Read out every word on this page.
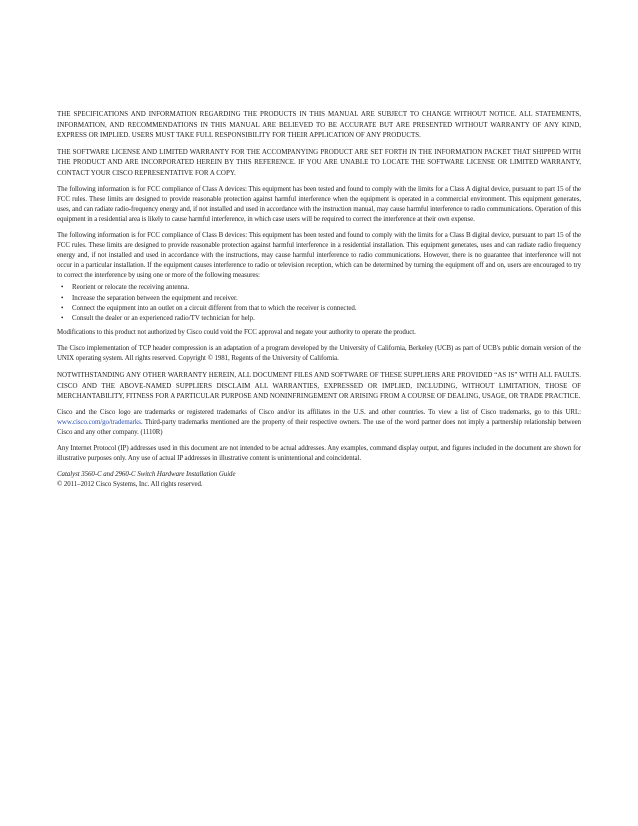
THE SPECIFICATIONS AND INFORMATION REGARDING THE PRODUCTS IN THIS MANUAL ARE SUBJECT TO CHANGE WITHOUT NOTICE. ALL STATEMENTS, INFORMATION, AND RECOMMENDATIONS IN THIS MANUAL ARE BELIEVED TO BE ACCURATE BUT ARE PRESENTED WITHOUT WARRANTY OF ANY KIND, EXPRESS OR IMPLIED. USERS MUST TAKE FULL RESPONSIBILITY FOR THEIR APPLICATION OF ANY PRODUCTS.

THE SOFTWARE LICENSE AND LIMITED WARRANTY FOR THE ACCOMPANYING PRODUCT ARE SET FORTH IN THE INFORMATION PACKET THAT SHIPPED WITH THE PRODUCT AND ARE INCORPORATED HEREIN BY THIS REFERENCE. IF YOU ARE UNABLE TO LOCATE THE SOFTWARE LICENSE OR LIMITED WARRANTY, CONTACT YOUR CISCO REPRESENTATIVE FOR A COPY.

The following information is for FCC compliance of Class A devices: This equipment has been tested and found to comply with the limits for a Class A digital device, pursuant to part 15 of the FCC rules. These limits are designed to provide reasonable protection against harmful interference when the equipment is operated in a commercial environment. This equipment generates, uses, and can radiate radio-frequency energy and, if not installed and used in accordance with the instruction manual, may cause harmful interference to radio communications. Operation of this equipment in a residential area is likely to cause harmful interference, in which case users will be required to correct the interference at their own expense.

The following information is for FCC compliance of Class B devices: This equipment has been tested and found to comply with the limits for a Class B digital device, pursuant to part 15 of the FCC rules. These limits are designed to provide reasonable protection against harmful interference in a residential installation. This equipment generates, uses and can radiate radio frequency energy and, if not installed and used in accordance with the instructions, may cause harmful interference to radio communications. However, there is no guarantee that interference will not occur in a particular installation. If the equipment causes interference to radio or television reception, which can be determined by turning the equipment off and on, users are encouraged to try to correct the interference by using one or more of the following measures:

• Reorient or relocate the receiving antenna.
• Increase the separation between the equipment and receiver.
• Connect the equipment into an outlet on a circuit different from that to which the receiver is connected.
• Consult the dealer or an experienced radio/TV technician for help.

Modifications to this product not authorized by Cisco could void the FCC approval and negate your authority to operate the product.

The Cisco implementation of TCP header compression is an adaptation of a program developed by the University of California, Berkeley (UCB) as part of UCB's public domain version of the UNIX operating system. All rights reserved. Copyright © 1981, Regents of the University of California.

NOTWITHSTANDING ANY OTHER WARRANTY HEREIN, ALL DOCUMENT FILES AND SOFTWARE OF THESE SUPPLIERS ARE PROVIDED “AS IS” WITH ALL FAULTS. CISCO AND THE ABOVE-NAMED SUPPLIERS DISCLAIM ALL WARRANTIES, EXPRESSED OR IMPLIED, INCLUDING, WITHOUT LIMITATION, THOSE OF MERCHANTABILITY, FITNESS FOR A PARTICULAR PURPOSE AND NONINFRINGEMENT OR ARISING FROM A COURSE OF DEALING, USAGE, OR TRADE PRACTICE.

Cisco and the Cisco logo are trademarks or registered trademarks of Cisco and/or its affiliates in the U.S. and other countries. To view a list of Cisco trademarks, go to this URL: www.cisco.com/go/trademarks. Third-party trademarks mentioned are the property of their respective owners. The use of the word partner does not imply a partnership relationship between Cisco and any other company. (1110R)

Any Internet Protocol (IP) addresses used in this document are not intended to be actual addresses. Any examples, command display output, and figures included in the document are shown for illustrative purposes only. Any use of actual IP addresses in illustrative content is unintentional and coincidental.

Catalyst 3560-C and 2960-C Switch Hardware Installation Guide

© 2011–2012 Cisco Systems, Inc. All rights reserved.
